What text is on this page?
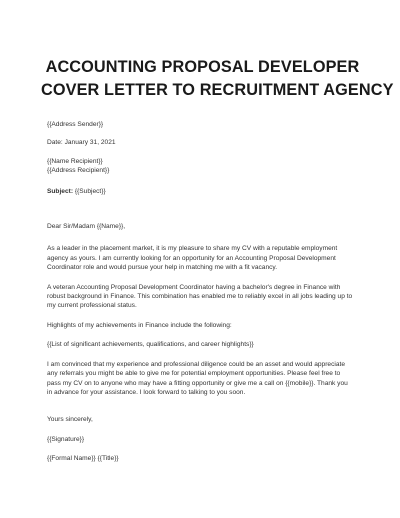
ACCOUNTING PROPOSAL DEVELOPER
COVER LETTER TO RECRUITMENT AGENCY

{{Address Sender}}

Date: January 31, 2021

{{Name Recipient}}
{{Address Recipient}}

Subject: {{Subject}}

Dear Sir/Madam {{Name}},

As a leader in the placement market, it is my pleasure to share my CV with a reputable employment
agency as yours. I am currently looking for an opportunity for an Accounting Proposal Development
Coordinator role and would pursue your help in matching me with a fit vacancy.
A veteran Accounting Proposal Development Coordinator having a bachelor's degree in Finance with
robust background in Finance. This combination has enabled me to reliably excel in all jobs leading up to
my current professional status.

Highlights of my achievements in Finance include the following:

{{List of significant achievements, qualifications, and career highlights}}

I am convinced that my experience and professional diligence could be an asset and would appreciate
any referrals you might be able to give me for potential employment opportunities. Please feel free to
pass my CV on to anyone who may have a fitting opportunity or give me a call on {{mobile}}. Thank you
in advance for your assistance. I look forward to talking to you soon.

Yours sincerely,

{{Signature}}

{{Formal Name}} {{Title}}
